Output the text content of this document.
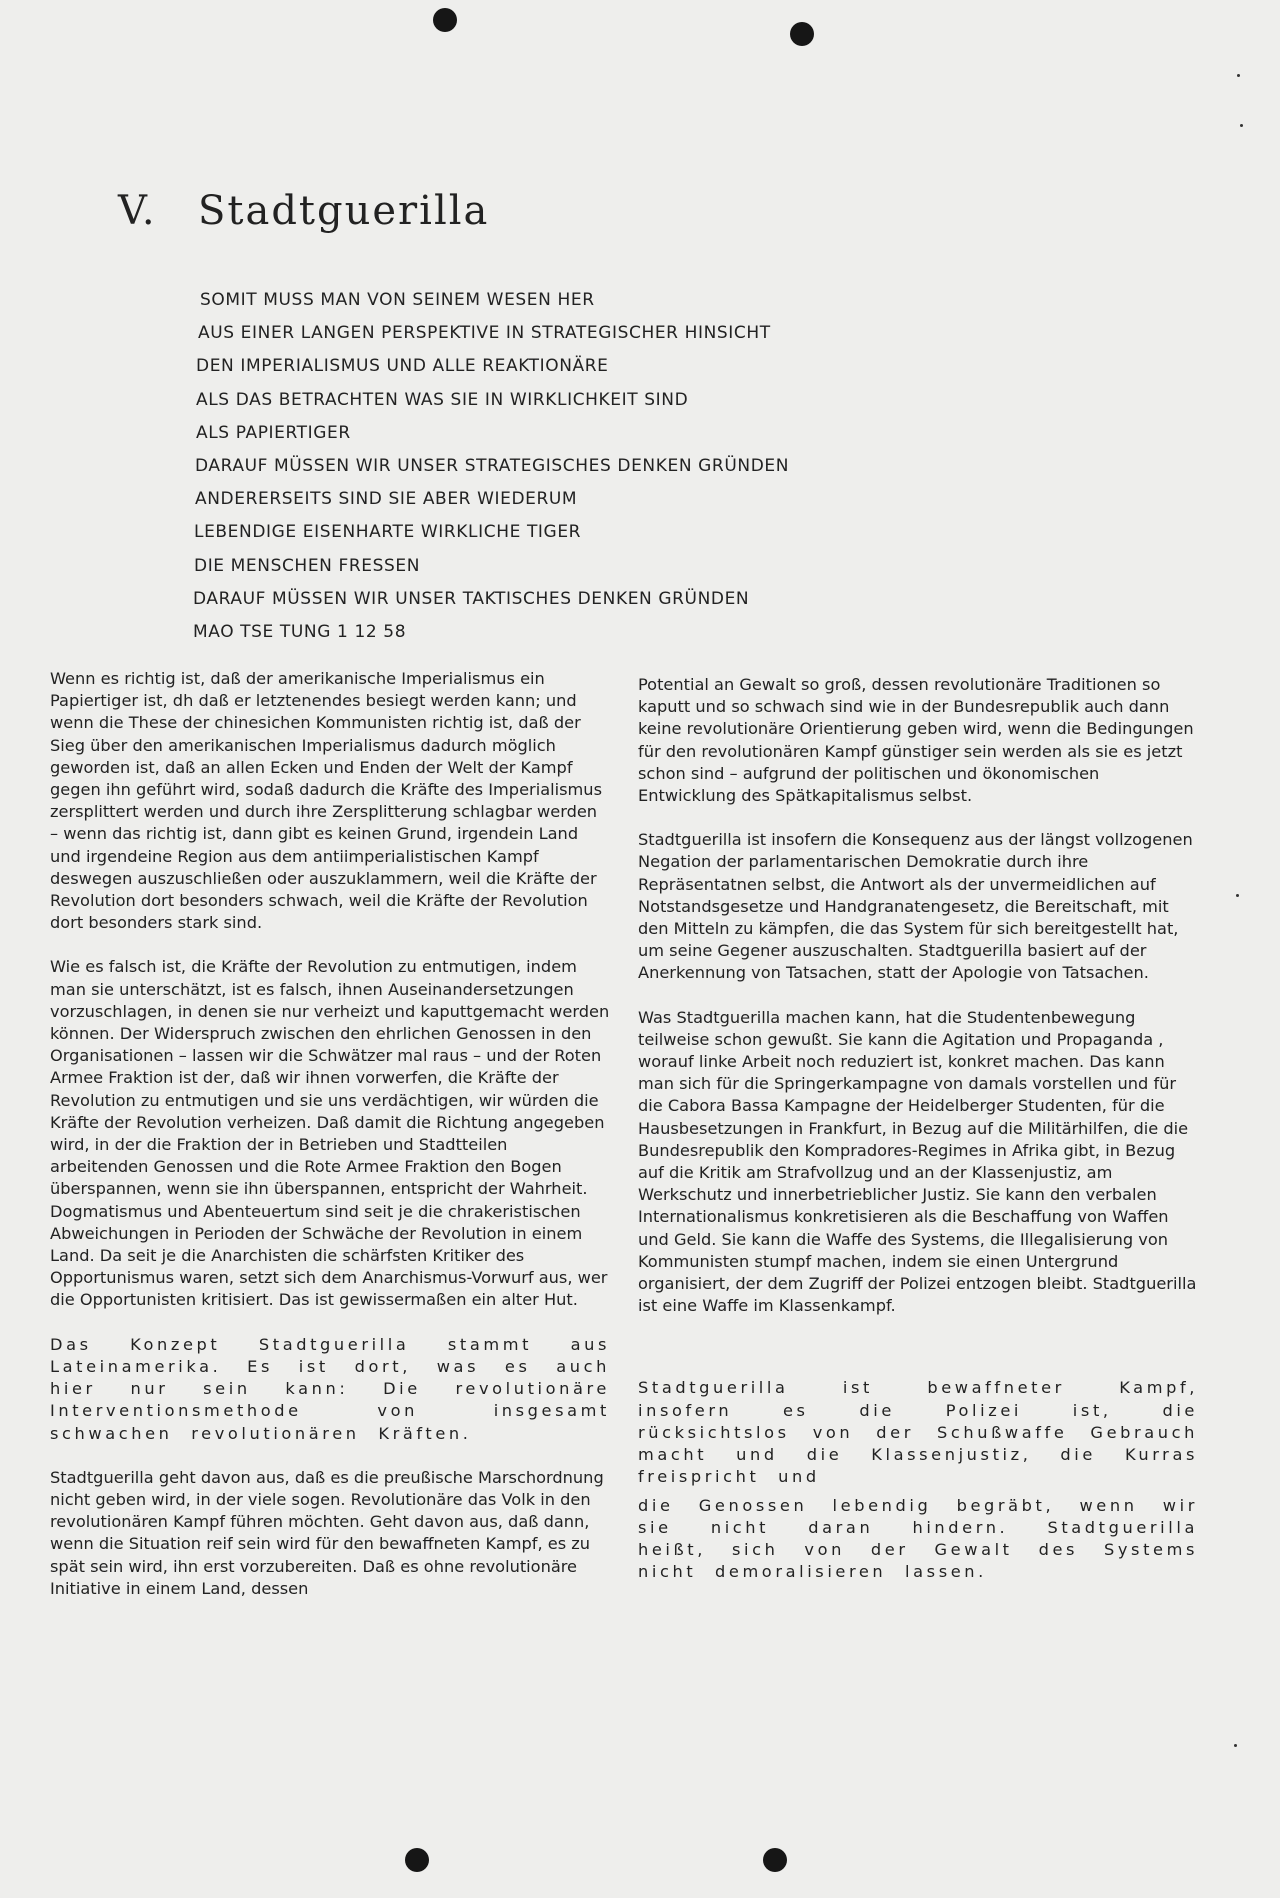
V. Stadtguerilla
SOMIT MUSS MAN VON SEINEM WESEN HER
AUS EINER LANGEN PERSPEKTIVE IN STRATEGISCHER HINSICHT
DEN IMPERIALISMUS UND ALLE REAKTIONÄRE
ALS DAS BETRACHTEN WAS SIE IN WIRKLICHKEIT SIND
ALS PAPIERTIGER
DARAUF MÜSSEN WIR UNSER STRATEGISCHES DENKEN GRÜNDEN
ANDERERSEITS SIND SIE ABER WIEDERUM
LEBENDIGE EISENHARTE WIRKLICHE TIGER
DIE MENSCHEN FRESSEN
DARAUF MÜSSEN WIR UNSER TAKTISCHES DENKEN GRÜNDEN
MAO TSE TUNG 1 12 58

Wenn es richtig ist, daß der amerikanische Imperialismus ein Papiertiger ist, dh daß er letztenendes besiegt werden kann; und wenn die These der chinesichen Kommunisten richtig ist, daß der Sieg über den amerikanischen Imperialismus dadurch möglich geworden ist, daß an allen Ecken und Enden der Welt der Kampf gegen ihn geführt wird, sodaß dadurch die Kräfte des Imperialismus zersplittert werden und durch ihre Zersplitterung schlagbar werden – wenn das richtig ist, dann gibt es keinen Grund, irgendein Land und irgendeine Region aus dem antiimperialistischen Kampf deswegen auszuschließen oder auszuklammern, weil die Kräfte der Revolution dort besonders schwach, weil die Kräfte der Revolution dort besonders stark sind.

Wie es falsch ist, die Kräfte der Revolution zu entmutigen, indem man sie unterschätzt, ist es falsch, ihnen Auseinandersetzungen vorzuschlagen, in denen sie nur verheizt und kaputtgemacht werden können. Der Widerspruch zwischen den ehrlichen Genossen in den Organisationen – lassen wir die Schwätzer mal raus – und der Roten Armee Fraktion ist der, daß wir ihnen vorwerfen, die Kräfte der Revolution zu entmutigen und sie uns verdächtigen, wir würden die Kräfte der Revolution verheizen. Daß damit die Richtung angegeben wird, in der die Fraktion der in Betrieben und Stadtteilen arbeitenden Genossen und die Rote Armee Fraktion den Bogen überspannen, wenn sie ihn überspannen, entspricht der Wahrheit. Dogmatismus und Abenteuertum sind seit je die chrakeristischen Abweichungen in Perioden der Schwäche der Revolution in einem Land. Da seit je die Anarchisten die schärfsten Kritiker des Opportunismus waren, setzt sich dem Anarchismus-Vorwurf aus, wer die Opportunisten kritisiert. Das ist gewissermaßen ein alter Hut.

Das Konzept Stadtguerilla stammt aus Lateinamerika. Es ist dort, was es auch hier nur sein kann: Die revolutionäre Interventionsmethode von insgesamt schwachen revolutionären Kräften.

Stadtguerilla geht davon aus, daß es die preußische Marschordnung nicht geben wird, in der viele sogen. Revolutionäre das Volk in den revolutionären Kampf führen möchten. Geht davon aus, daß dann, wenn die Situation reif sein wird für den bewaffneten Kampf, es zu spät sein wird, ihn erst vorzubereiten. Daß es ohne revolutionäre Initiative in einem Land, dessen

Potential an Gewalt so groß, dessen revolutionäre Traditionen so kaputt und so schwach sind wie in der Bundesrepublik auch dann keine revolutionäre Orientierung geben wird, wenn die Bedingungen für den revolutionären Kampf günstiger sein werden als sie es jetzt schon sind – aufgrund der politischen und ökonomischen Entwicklung des Spätkapitalismus selbst.

Stadtguerilla ist insofern die Konsequenz aus der längst vollzogenen Negation der parlamentarischen Demokratie durch ihre Repräsentatnen selbst, die Antwort als der unvermeidlichen auf Notstandsgesetze und Handgranatengesetz, die Bereitschaft, mit den Mitteln zu kämpfen, die das System für sich bereitgestellt hat, um seine Gegener auszuschalten. Stadtguerilla basiert auf der Anerkennung von Tatsachen, statt der Apologie von Tatsachen.

Was Stadtguerilla machen kann, hat die Studentenbewegung teilweise schon gewußt. Sie kann die Agitation und Propaganda , worauf linke Arbeit noch reduziert ist, konkret machen. Das kann man sich für die Springerkampagne von damals vorstellen und für die Cabora Bassa Kampagne der Heidelberger Studenten, für die Hausbesetzungen in Frankfurt, in Bezug auf die Militärhilfen, die die Bundesrepublik den Kompradores-Regimes in Afrika gibt, in Bezug auf die Kritik am Strafvollzug und an der Klassenjustiz, am Werkschutz und innerbetrieblicher Justiz. Sie kann den verbalen Internationalismus konkretisieren als die Beschaffung von Waffen und Geld. Sie kann die Waffe des Systems, die Illegalisierung von Kommunisten stumpf machen, indem sie einen Untergrund organisiert, der dem Zugriff der Polizei entzogen bleibt. Stadtguerilla ist eine Waffe im Klassenkampf.

Stadtguerilla ist bewaffneter Kampf, insofern es die Polizei ist, die rücksichtslos von der Schußwaffe Gebrauch macht und die Klassenjustiz, die Kurras freispricht und

die Genossen lebendig begräbt, wenn wir sie nicht daran hindern. Stadtguerilla heißt, sich von der Gewalt des Systems nicht demoralisieren lassen.
